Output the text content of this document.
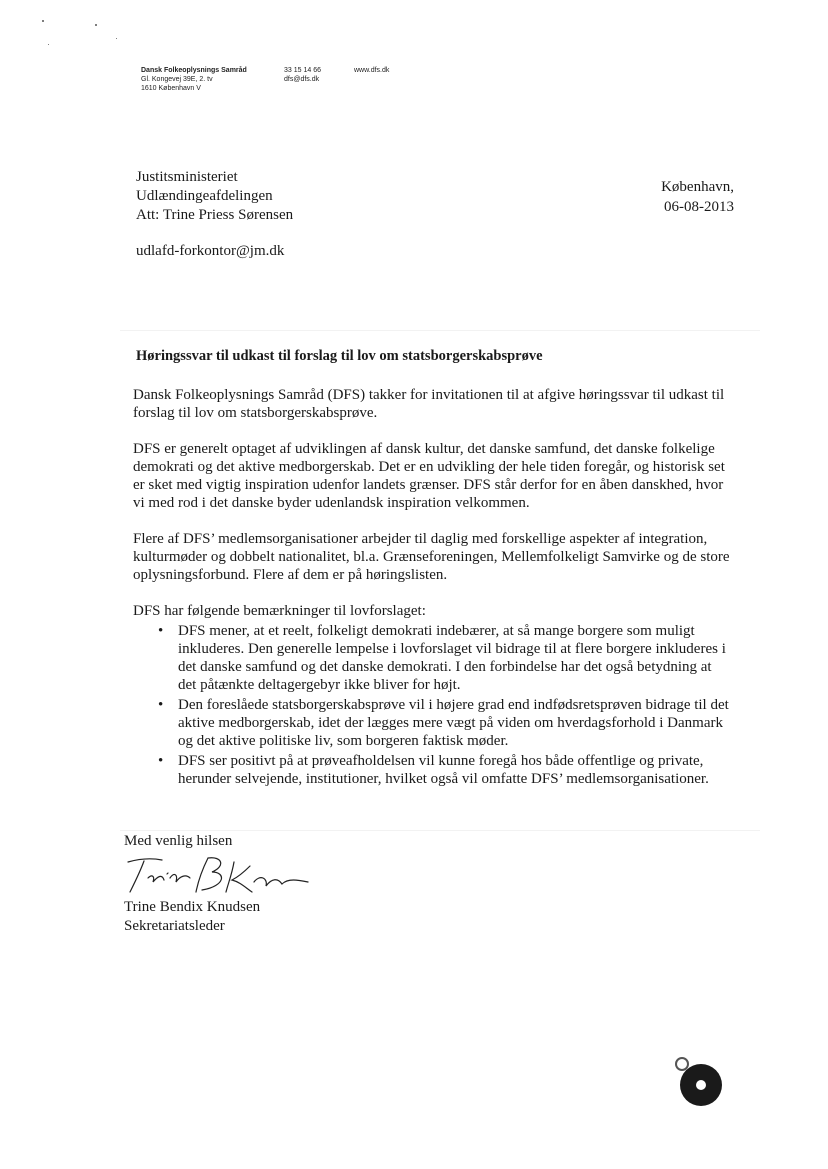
Dansk Folkeoplysnings Samråd
Gl. Kongevej 39E, 2. tv
1610 København V
33 15 14 66
dfs@dfs.dk
www.dfs.dk
Justitsministeriet
Udlændingeafdelingen
Att: Trine Priess Sørensen
udlafd-forkontor@jm.dk
København,
06-08-2013
Høringssvar til udkast til forslag til lov om statsborgerskabsprøve

Dansk Folkeoplysnings Samråd (DFS) takker for invitationen til at afgive høringssvar til udkast til forslag til lov om statsborgerskabsprøve.

DFS er generelt optaget af udviklingen af dansk kultur, det danske samfund, det danske folkelige demokrati og det aktive medborgerskab. Det er en udvikling der hele tiden foregår, og historisk set er sket med vigtig inspiration udenfor landets grænser. DFS står derfor for en åben danskhed, hvor vi med rod i det danske byder udenlandsk inspiration velkommen.

Flere af DFS’ medlemsorganisationer arbejder til daglig med forskellige aspekter af integration, kulturmøder og dobbelt nationalitet, bl.a. Grænseforeningen, Mellemfolkeligt Samvirke og de store oplysningsforbund. Flere af dem er på høringslisten.

DFS har følgende bemærkninger til lovforslaget:

• DFS mener, at et reelt, folkeligt demokrati indebærer, at så mange borgere som muligt inkluderes. Den generelle lempelse i lovforslaget vil bidrage til at flere borgere inkluderes i det danske samfund og det danske demokrati. I den forbindelse har det også betydning at det påtænkte deltagergebyr ikke bliver for højt.
• Den foreslåede statsborgerskabsprøve vil i højere grad end indfødsretsprøven bidrage til det aktive medborgerskab, idet der lægges mere vægt på viden om hverdagsforhold i Danmark og det aktive politiske liv, som borgeren faktisk møder.
• DFS ser positivt på at prøveafholdelsen vil kunne foregå hos både offentlige og private, herunder selvejende, institutioner, hvilket også vil omfatte DFS’ medlemsorganisationer.
Med venlig hilsen
Trine Bendix Knudsen
Sekretariatsleder
